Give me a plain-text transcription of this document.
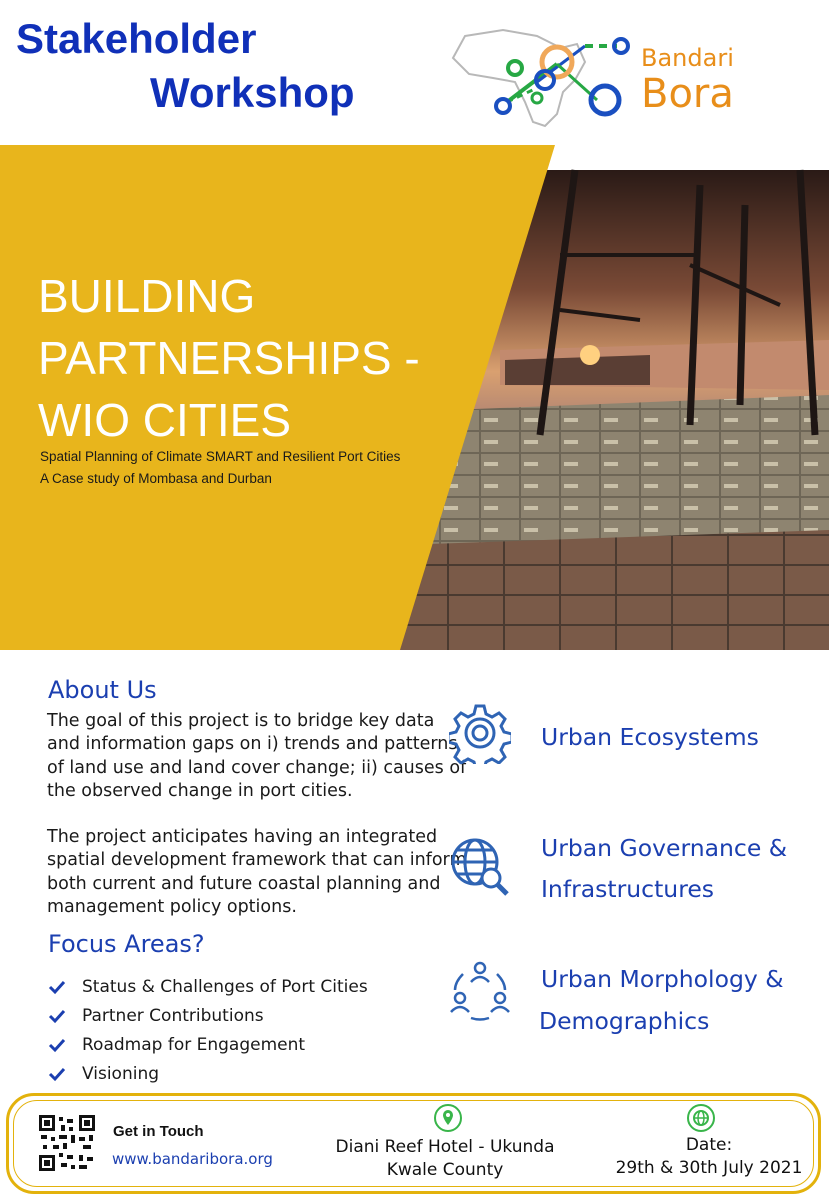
Stakeholder
Workshop
Bandari
Bora
BUILDING PARTNERSHIPS - WIO CITIES
Spatial Planning of Climate SMART and Resilient Port Cities
A Case study of Mombasa and Durban
About Us
The goal of this project is to bridge key data and information gaps on i) trends and patterns of land use and land cover change; ii) causes of the observed change in port cities.
The project anticipates having an integrated spatial development framework that can inform both current and future coastal planning and management policy options.
Focus Areas?
Status & Challenges of Port Cities
Partner Contributions
Roadmap for Engagement
Visioning
Urban Ecosystems
Urban Governance &
Infrastructures
Urban Morphology &
Demographics
Get in Touch
www.bandaribora.org
Diani Reef Hotel - Ukunda
Kwale County
Date:
29th & 30th July 2021
